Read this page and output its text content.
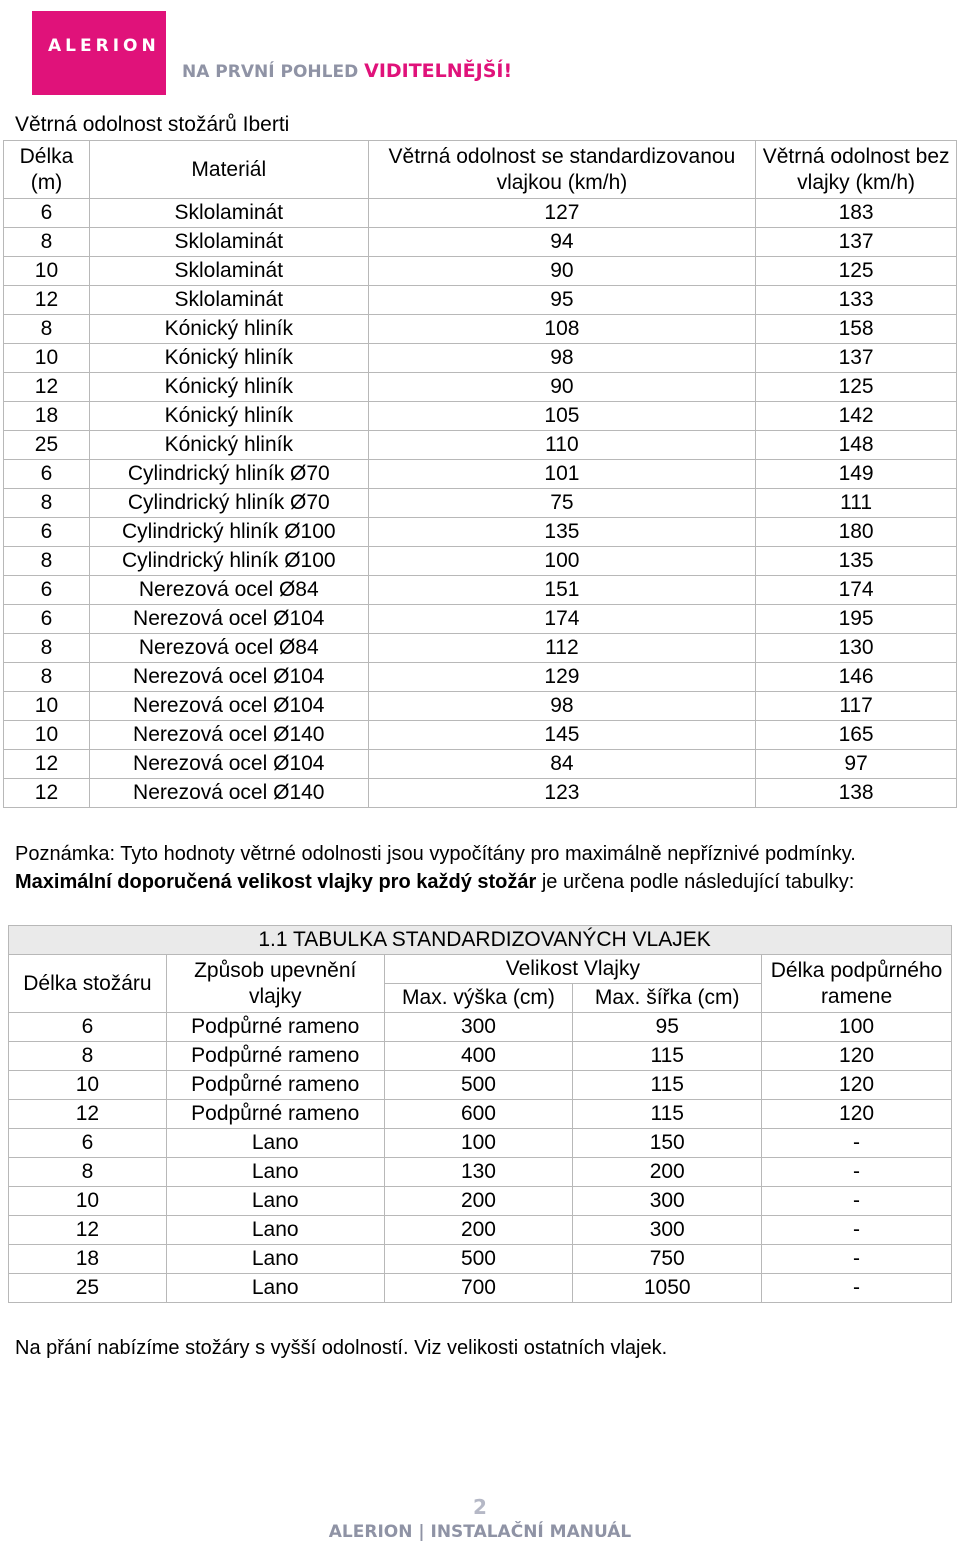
ALERION
NA PRVNÍ POHLED VIDITELNĚJŠÍ!
Větrná odolnost stožárů Iberti
Délka (m)	Materiál	Větrná odolnost se standardizovanou vlajkou (km/h)	Větrná odolnost bez vlajky (km/h)
6	Sklolaminát	127	183
8	Sklolaminát	94	137
10	Sklolaminát	90	125
12	Sklolaminát	95	133
8	Kónický hliník	108	158
10	Kónický hliník	98	137
12	Kónický hliník	90	125
18	Kónický hliník	105	142
25	Kónický hliník	110	148
6	Cylindrický hliník Ø70	101	149
8	Cylindrický hliník Ø70	75	111
6	Cylindrický hliník Ø100	135	180
8	Cylindrický hliník Ø100	100	135
6	Nerezová ocel Ø84	151	174
6	Nerezová ocel Ø104	174	195
8	Nerezová ocel Ø84	112	130
8	Nerezová ocel Ø104	129	146
10	Nerezová ocel Ø104	98	117
10	Nerezová ocel Ø140	145	165
12	Nerezová ocel Ø104	84	97
12	Nerezová ocel Ø140	123	138
Poznámka: Tyto hodnoty větrné odolnosti jsou vypočítány pro maximálně nepříznivé podmínky.
Maximální doporučená velikost vlajky pro každý stožár je určena podle následující tabulky:
	1.1 TABULKA STANDARDIZOVANÝCH VLAJEK			
Délka stožáru	Způsob upevnění vlajky	Velikost Vlajky		Délka podpůrného ramene
		Max. výška (cm)	Max. šířka (cm)	
6	Podpůrné rameno	300	95	100
8	Podpůrné rameno	400	115	120
10	Podpůrné rameno	500	115	120
12	Podpůrné rameno	600	115	120
6	Lano	100	150	-
8	Lano	130	200	-
10	Lano	200	300	-
12	Lano	200	300	-
18	Lano	500	750	-
25	Lano	700	1050	-
Na přání nabízíme stožáry s vyšší odolností. Viz velikosti ostatních vlajek.
2
ALERION | INSTALAČNÍ MANUÁL
